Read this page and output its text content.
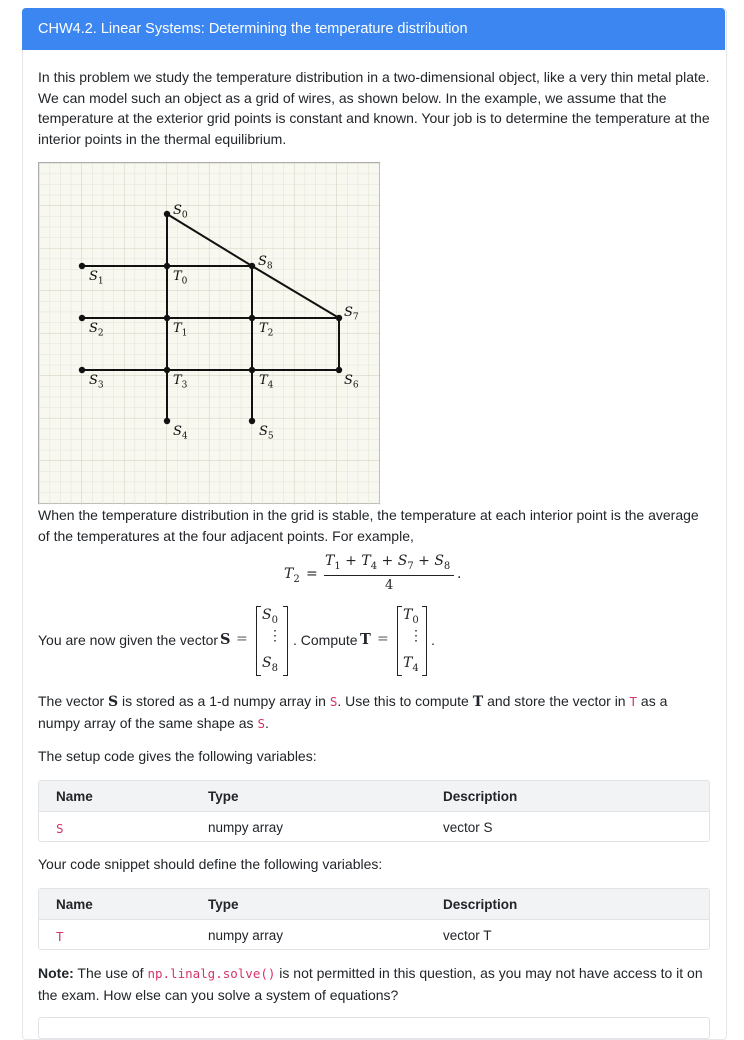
CHW4.2. Linear Systems: Determining the temperature distribution

In this problem we study the temperature distribution in a two-dimensional object, like a very thin metal plate. We can model such an object as a grid of wires, as shown below. In the example, we assume that the temperature at the exterior grid points is constant and known. Your job is to determine the temperature at the interior points in the thermal equilibrium.

$S_0$
$S_1$
$S_2$
$S_3$
$S_4$	$S_5$
$S_6$
$S_7$
$S_8$
$T_0$
$T_1$	$T_2$
$T_3$	$T_4$

When the temperature distribution in the grid is stable, the temperature at each interior point is the average of the temperatures at the four adjacent points. For example,

$T_2$ =
$T_1 + T_4 + S_7 + S_8$
4
.
You are now given the vector S =
$S_0$
⋮
$S_8$
. Compute T =
$T_0$
⋮
$T_4$
.
The vector S is stored as a 1-d numpy array in S. Use this to compute T and store the vector in T as a
numpy array of the same shape as S.

The setup code gives the following variables:

Name	Type	Description
S	numpy array	vector S

Your code snippet should define the following variables:

Name	Type	Description
T	numpy array	vector T
Note: The use of np.linalg.solve() is not permitted in this question, as you may not have access to it on
the exam. How else can you solve a system of equations?
